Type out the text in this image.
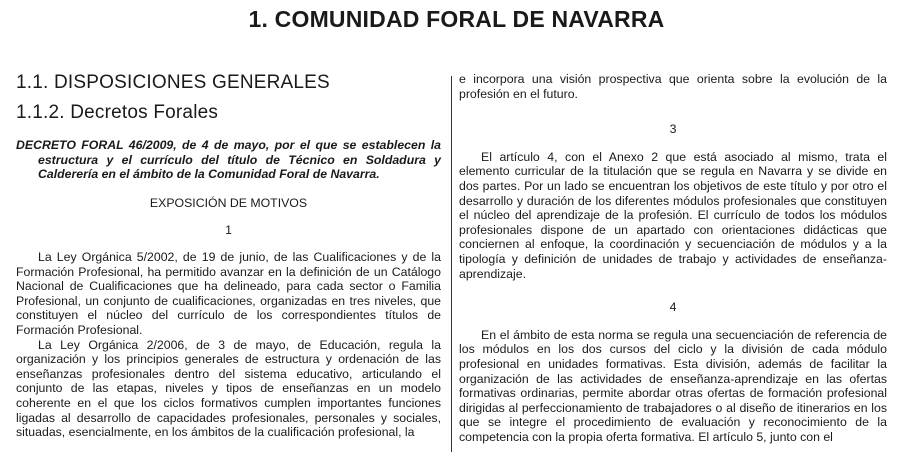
1. COMUNIDAD FORAL DE NAVARRA
1.1. DISPOSICIONES GENERALES
1.1.2. Decretos Forales

DECRETO FORAL 46/2009, de 4 de mayo, por el que se establecen la estructura y el currículo del título de Técnico en Soldadura y Calderería en el ámbito de la Comunidad Foral de Navarra.

EXPOSICIÓN DE MOTIVOS

1

La Ley Orgánica 5/2002, de 19 de junio, de las Cualificaciones y de la Formación Profesional, ha permitido avanzar en la definición de un Catálogo Nacional de Cualificaciones que ha delineado, para cada sector o Familia Profesional, un conjunto de cualificaciones, organizadas en tres niveles, que constituyen el núcleo del currículo de los correspondientes títulos de Formación Profesional.

La Ley Orgánica 2/2006, de 3 de mayo, de Educación, regula la organización y los principios generales de estructura y ordenación de las enseñanzas profesionales dentro del sistema educativo, articulando el conjunto de las etapas, niveles y tipos de enseñanzas en un modelo coherente en el que los ciclos formativos cumplen importantes funciones ligadas al desarrollo de capacidades profesionales, personales y sociales, situadas, esencialmente, en los ámbitos de la cualificación profesional, la

e incorpora una visión prospectiva que orienta sobre la evolución de la profesión en el futuro.

3

El artículo 4, con el Anexo 2 que está asociado al mismo, trata el elemento curricular de la titulación que se regula en Navarra y se divide en dos partes. Por un lado se encuentran los objetivos de este título y por otro el desarrollo y duración de los diferentes módulos profesionales que constituyen el núcleo del aprendizaje de la profesión. El currículo de todos los módulos profesionales dispone de un apartado con orientaciones didácticas que conciernen al enfoque, la coordinación y secuenciación de módulos y a la tipología y definición de unidades de trabajo y actividades de enseñanza-aprendizaje.

4

En el ámbito de esta norma se regula una secuenciación de referencia de los módulos en los dos cursos del ciclo y la división de cada módulo profesional en unidades formativas. Esta división, además de facilitar la organización de las actividades de enseñanza-aprendizaje en las ofertas formativas ordinarias, permite abordar otras ofertas de formación profesional dirigidas al perfeccionamiento de trabajadores o al diseño de itinerarios en los que se integre el procedimiento de evaluación y reconocimiento de la competencia con la propia oferta formativa. El artículo 5, junto con el
